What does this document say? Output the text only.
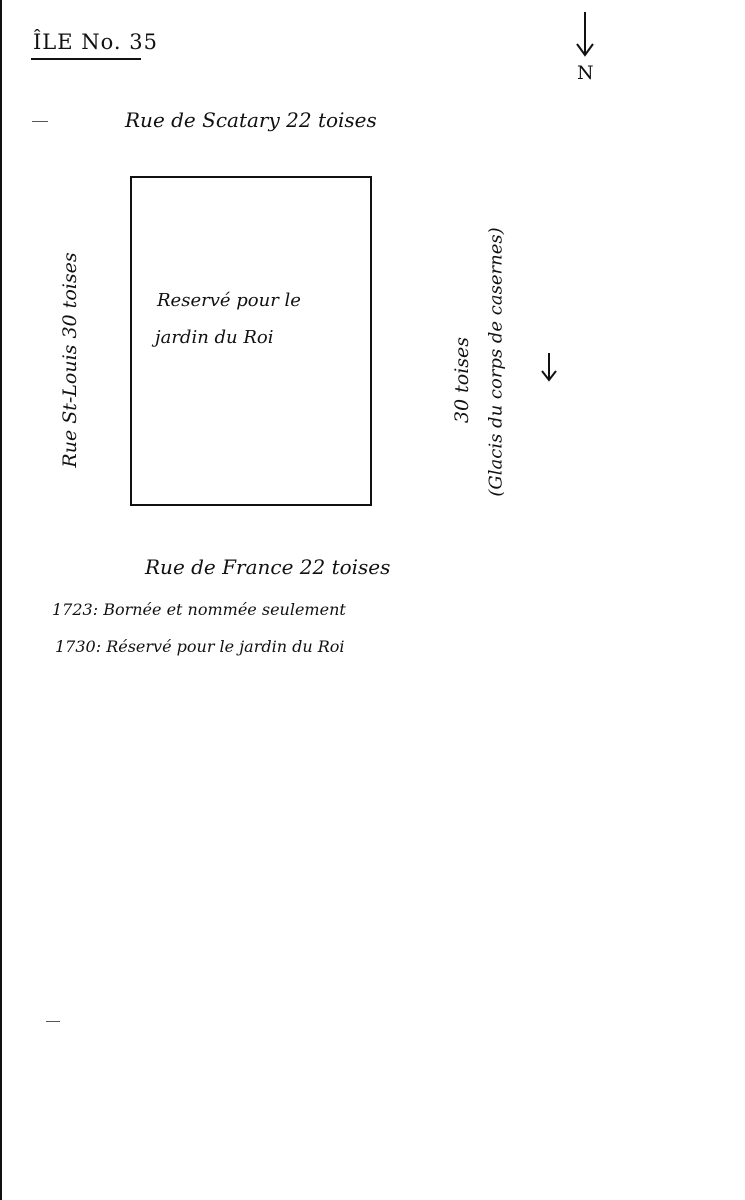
ÎLE No. 35
N
Rue de Scatary 22 toises
Reservé pour le
jardin du Roi
Rue St-Louis 30 toises	30 toises (Glacis du corps de casernes)
Rue de France 22 toises
1723: Bornée et nommée seulement
1730: Réservé pour le jardin du Roi
